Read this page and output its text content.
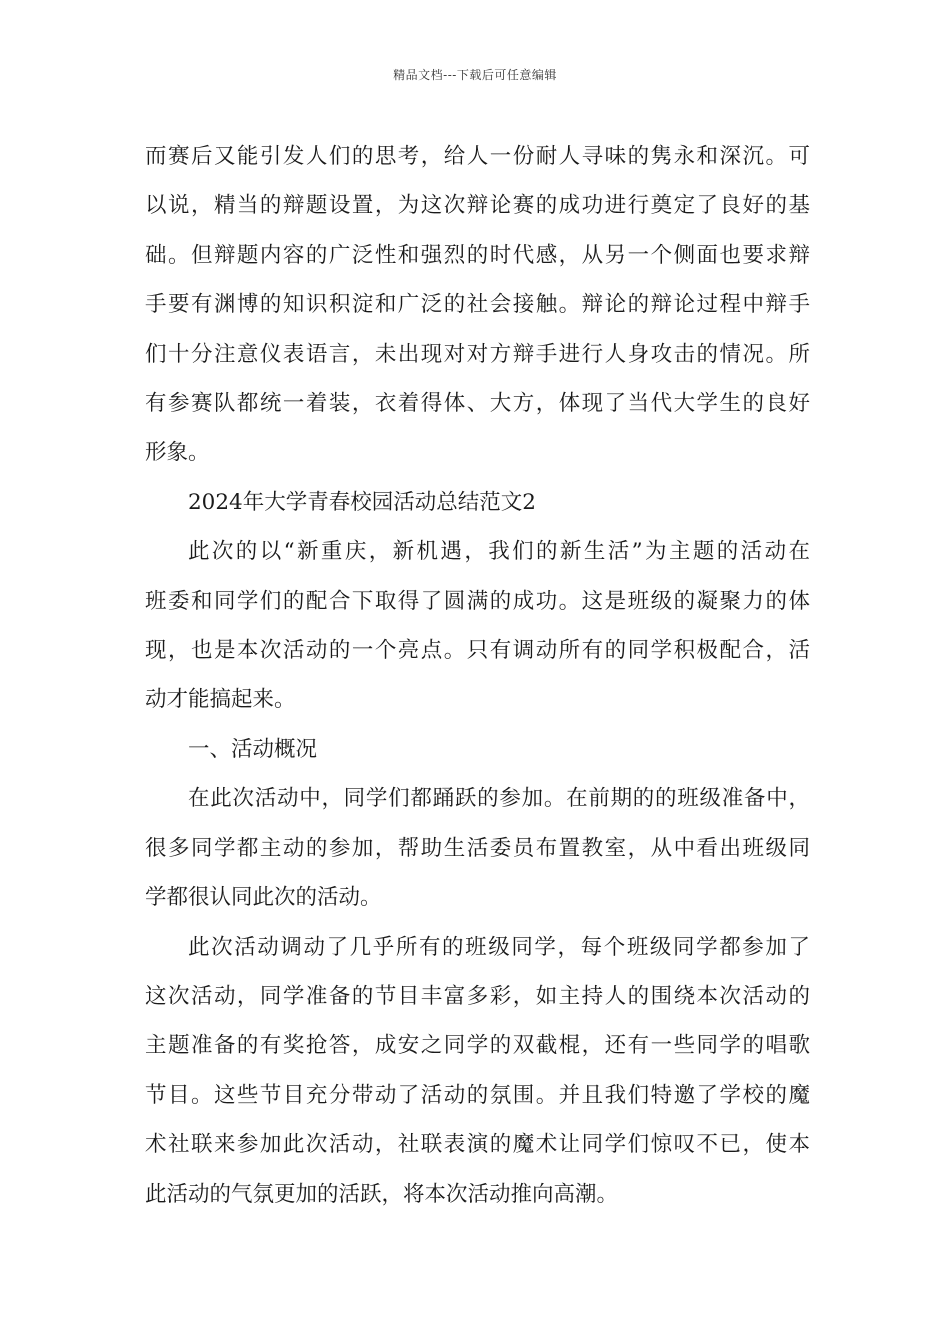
精品文档---下载后可任意编辑

而赛后又能引发人们的思考，给人一份耐人寻味的隽永和深沉。可
以说，精当的辩题设置，为这次辩论赛的成功进行奠定了良好的基
础。但辩题内容的广泛性和强烈的时代感，从另一个侧面也要求辩
手要有渊博的知识积淀和广泛的社会接触。辩论的辩论过程中辩手
们十分注意仪表语言，未出现对对方辩手进行人身攻击的情况。所
有参赛队都统一着装，衣着得体、大方，体现了当代大学生的良好
形象。

2024年大学青春校园活动总结范文2

此次的以“新重庆，新机遇，我们的新生活”为主题的活动在
班委和同学们的配合下取得了圆满的成功。这是班级的凝聚力的体
现，也是本次活动的一个亮点。只有调动所有的同学积极配合，活
动才能搞起来。

一、活动概况

在此次活动中，同学们都踊跃的参加。在前期的的班级准备中，
很多同学都主动的参加，帮助生活委员布置教室，从中看出班级同
学都很认同此次的活动。

此次活动调动了几乎所有的班级同学，每个班级同学都参加了
这次活动，同学准备的节目丰富多彩，如主持人的围绕本次活动的
主题准备的有奖抢答，成安之同学的双截棍，还有一些同学的唱歌
节目。这些节目充分带动了活动的氛围。并且我们特邀了学校的魔
术社联来参加此次活动，社联表演的魔术让同学们惊叹不已，使本
此活动的气氛更加的活跃，将本次活动推向高潮。
